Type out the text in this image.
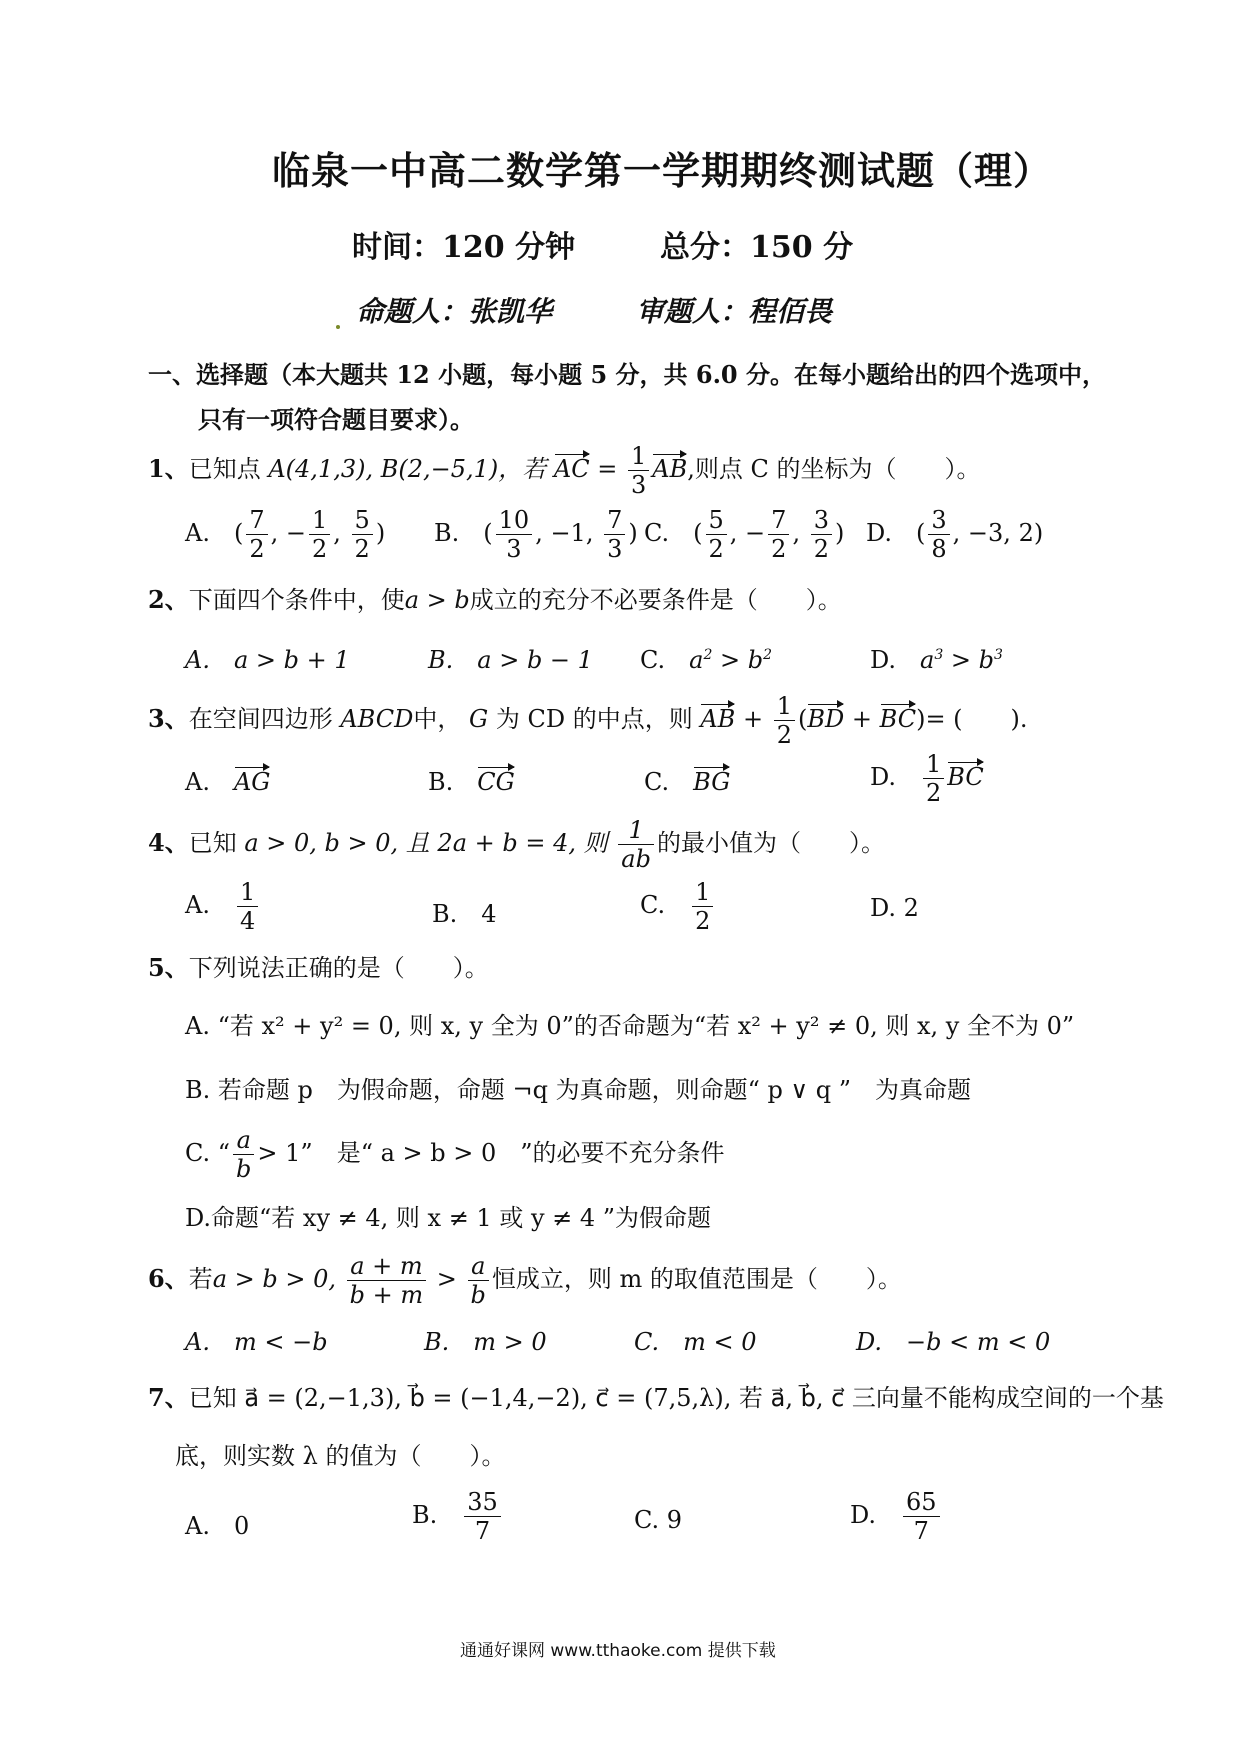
临泉一中高二数学第一学期期终测试题（理）
时间：120 分钟	总分：150 分
命题人：张凯华	审题人：程佰畏
一、选择题（本大题共 12 小题，每小题 5 分，共 6.0 分。在每小题给出的四个选项中，
只有一项符合题目要求）。
1、已知点 A(4,1,3), B(2,−5,1)，若 AC = $\frac{1}{3}$ AB,则点 C 的坐标为（　　）。
A.　( $\frac{7}{2}$ , − $\frac{1}{2}$ , $\frac{5}{2}$ ) B.　( $\frac{10}{3}$ , −1, $\frac{7}{3}$ ) C.　( $\frac{5}{2}$ , − $\frac{7}{2}$ , $\frac{3}{2}$ ) D.　( $\frac{3}{8}$ , −3, 2)
2、下面四个条件中，使a > b成立的充分不必要条件是（　　）。
A.　a > b + 1	B.　a > b − 1 C.　 $a^2 > b^2$	D.　 $a^3 > b^3$
3、在空间四边形 ABCD中， G 为 CD 的中点，则 AB + $\frac{1}{2} (BD + BC)=$ (　　).
A.　 AG	B.　 CG	C.　 BG	D.　 $\frac{1}{2}$ BC
4、已知 a > 0, b > 0, 且 2a + b = 4, 则 $\frac{1}{ab}$ 的最小值为（　　）。
A.　 $\frac{1}{4}$	B.　4	C.　 $\frac{1}{2}$	D. 2
5、下列说法正确的是（　　）。
A. “若 x² + y² = 0, 则 x, y 全为 0”的否命题为“若 x² + y² ≠ 0, 则 x, y 全不为 0”
B. 若命题 p　为假命题，命题 ¬q 为真命题，则命题“ p ∨ q ”　为真命题
C. “ $\frac{a}{b} > 1$”　是“ a > b > 0　”的必要不充分条件
D.命题“若 xy ≠ 4, 则 x ≠ 1 或 y ≠ 4 ”为假命题
6、若a > b > 0, $\frac{a + m}{b + m} > \frac{a}{b}$ 恒成立，则 m 的取值范围是（　　）。
A.　m < −b	B.　m > 0	C.　m < 0	D.　−b < m < 0
7、已知 a⃗ = (2,−1,3), b⃗ = (−1,4,−2), c⃗ = (7,5,λ), 若 a⃗, b⃗, c⃗ 三向量不能构成空间的一个基
底，则实数 λ 的值为（　　）。
A.　0	B.　 $\frac{35}{7}$	C. 9	D.　 $\frac{65}{7}$
通通好课网 www.tthaoke.com 提供下载
